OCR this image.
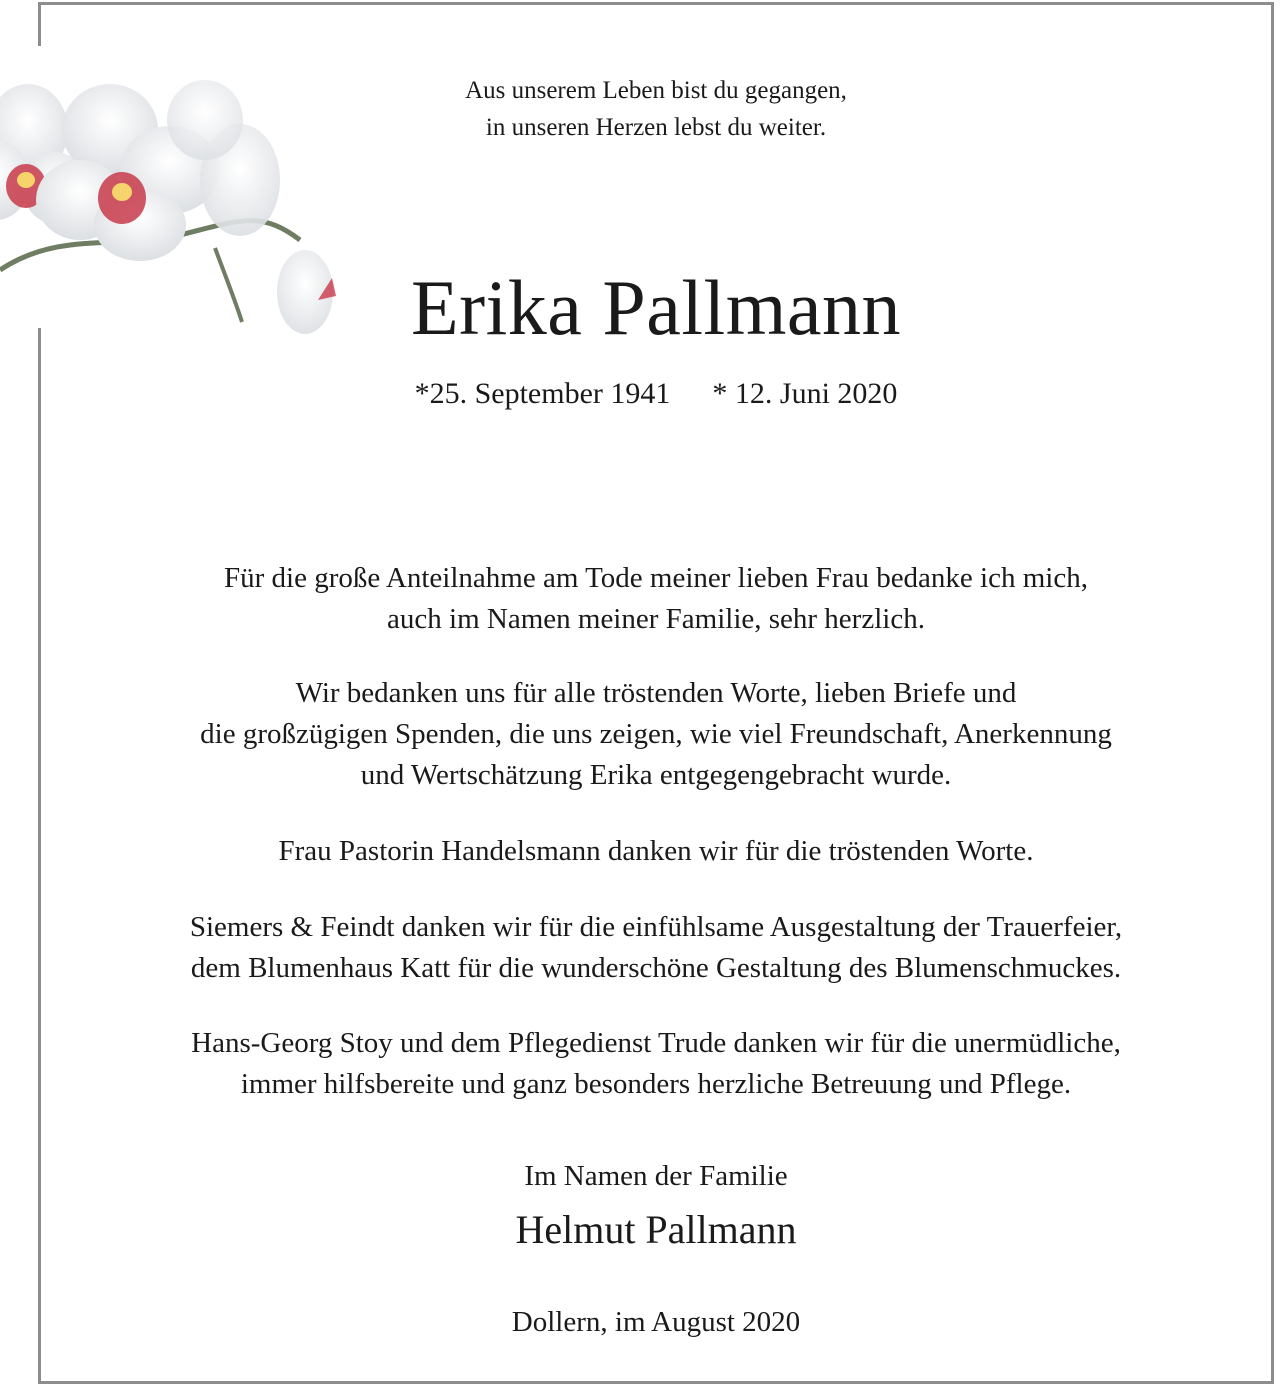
Aus unserem Leben bist du gegangen,
in unseren Herzen lebst du weiter.
Erika Pallmann
*25. September 1941 * 12. Juni 2020
Für die große Anteilnahme am Tode meiner lieben Frau bedanke ich mich,
auch im Namen meiner Familie, sehr herzlich.
Wir bedanken uns für alle tröstenden Worte, lieben Briefe und
die großzügigen Spenden, die uns zeigen, wie viel Freundschaft, Anerkennung
und Wertschätzung Erika entgegengebracht wurde.
Frau Pastorin Handelsmann danken wir für die tröstenden Worte.
Siemers & Feindt danken wir für die einfühlsame Ausgestaltung der Trauerfeier,
dem Blumenhaus Katt für die wunderschöne Gestaltung des Blumenschmuckes.
Hans-Georg Stoy und dem Pflegedienst Trude danken wir für die unermüdliche,
immer hilfsbereite und ganz besonders herzliche Betreuung und Pflege.
Im Namen der Familie
Helmut Pallmann
Dollern, im August 2020
